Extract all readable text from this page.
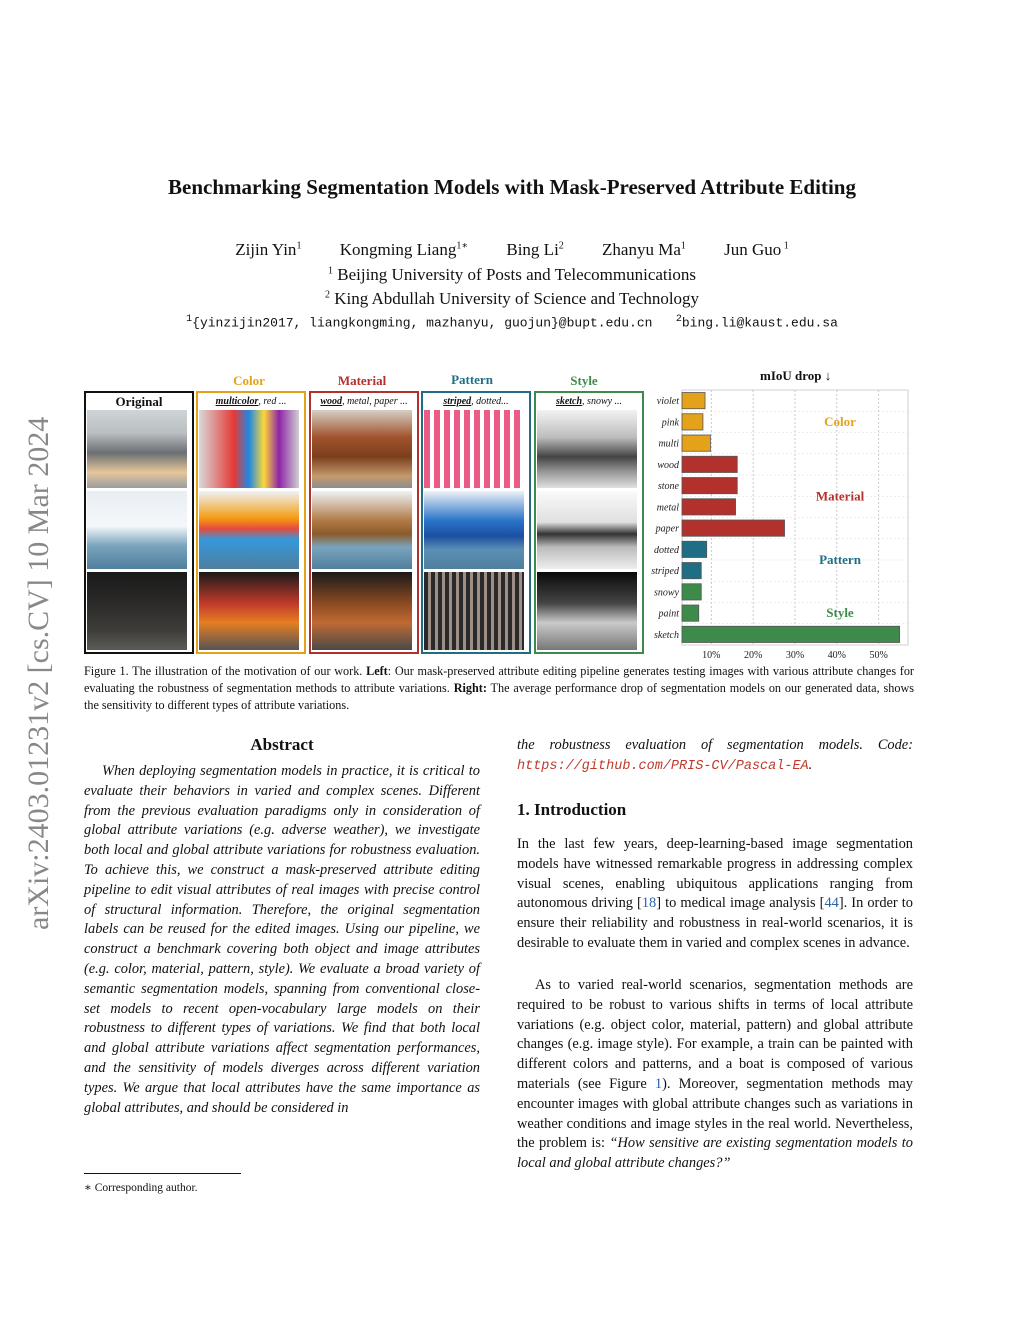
arXiv:2403.01231v2 [cs.CV] 10 Mar 2024
Benchmarking Segmentation Models with Mask-Preserved Attribute Editing
Zijin Yin$^1$ Kongming Liang$^{1∗}$ Bing Li$^2$ Zhanyu Ma$^1$ Jun Guo $^1$
$^1$ Beijing University of Posts and Telecommunications
$^2$ King Abdullah University of Science and Technology
$^1${yinzijin2017, liangkongming, mazhanyu, guojun}@bupt.edu.cn $^2$bing.li@kaust.edu.sa
Color	Material	Pattern	Style
Original	multicolor, red ...	wood, metal, paper ...	striped, dotted...	sketch, snowy ...
mIoU drop ↓
10% 20% 30% 40% 50%
violet
pink
multi
wood
stone
metal
paper
dotted
striped
snowy
paint
sketch
Color
Material
Pattern
Style
Figure 1. The illustration of the motivation of our work. Left: Our mask-preserved attribute editing pipeline generates testing images with various attribute changes for evaluating the robustness of segmentation methods to attribute variations. Right: The average performance drop of segmentation models on our generated data, shows the sensitivity to different types of attribute variations.
Abstract
When deploying segmentation models in practice, it is critical to evaluate their behaviors in varied and complex scenes. Different from the previous evaluation paradigms only in consideration of global attribute variations (e.g. adverse weather), we investigate both local and global attribute variations for robustness evaluation. To achieve this, we construct a mask-preserved attribute editing pipeline to edit visual attributes of real images with precise control of structural information. Therefore, the original segmentation labels can be reused for the edited images. Using our pipeline, we construct a benchmark covering both object and image attributes (e.g. color, material, pattern, style). We evaluate a broad variety of semantic segmentation models, spanning from conventional close-set models to recent open-vocabulary large models on their robustness to different types of variations. We find that both local and global attribute variations affect segmentation performances, and the sensitivity of models diverges across different variation types. We argue that local attributes have the same importance as global attributes, and should be considered in
∗ Corresponding author.
the robustness evaluation of segmentation models. Code: https://github.com/PRIS-CV/Pascal-EA.
1. Introduction
In the last few years, deep-learning-based image segmentation models have witnessed remarkable progress in addressing complex visual scenes, enabling ubiquitous applications ranging from autonomous driving [18] to medical image analysis [44]. In order to ensure their reliability and robustness in real-world scenarios, it is desirable to evaluate them in varied and complex scenes in advance.
As to varied real-world scenarios, segmentation methods are required to be robust to various shifts in terms of local attribute variations (e.g. object color, material, pattern) and global attribute changes (e.g. image style). For example, a train can be painted with different colors and patterns, and a boat is composed of various materials (see Figure 1). Moreover, segmentation methods may encounter images with global attribute changes such as variations in weather conditions and image styles in the real world. Nevertheless, the problem is: “How sensitive are existing segmentation models to local and global attribute changes?”
